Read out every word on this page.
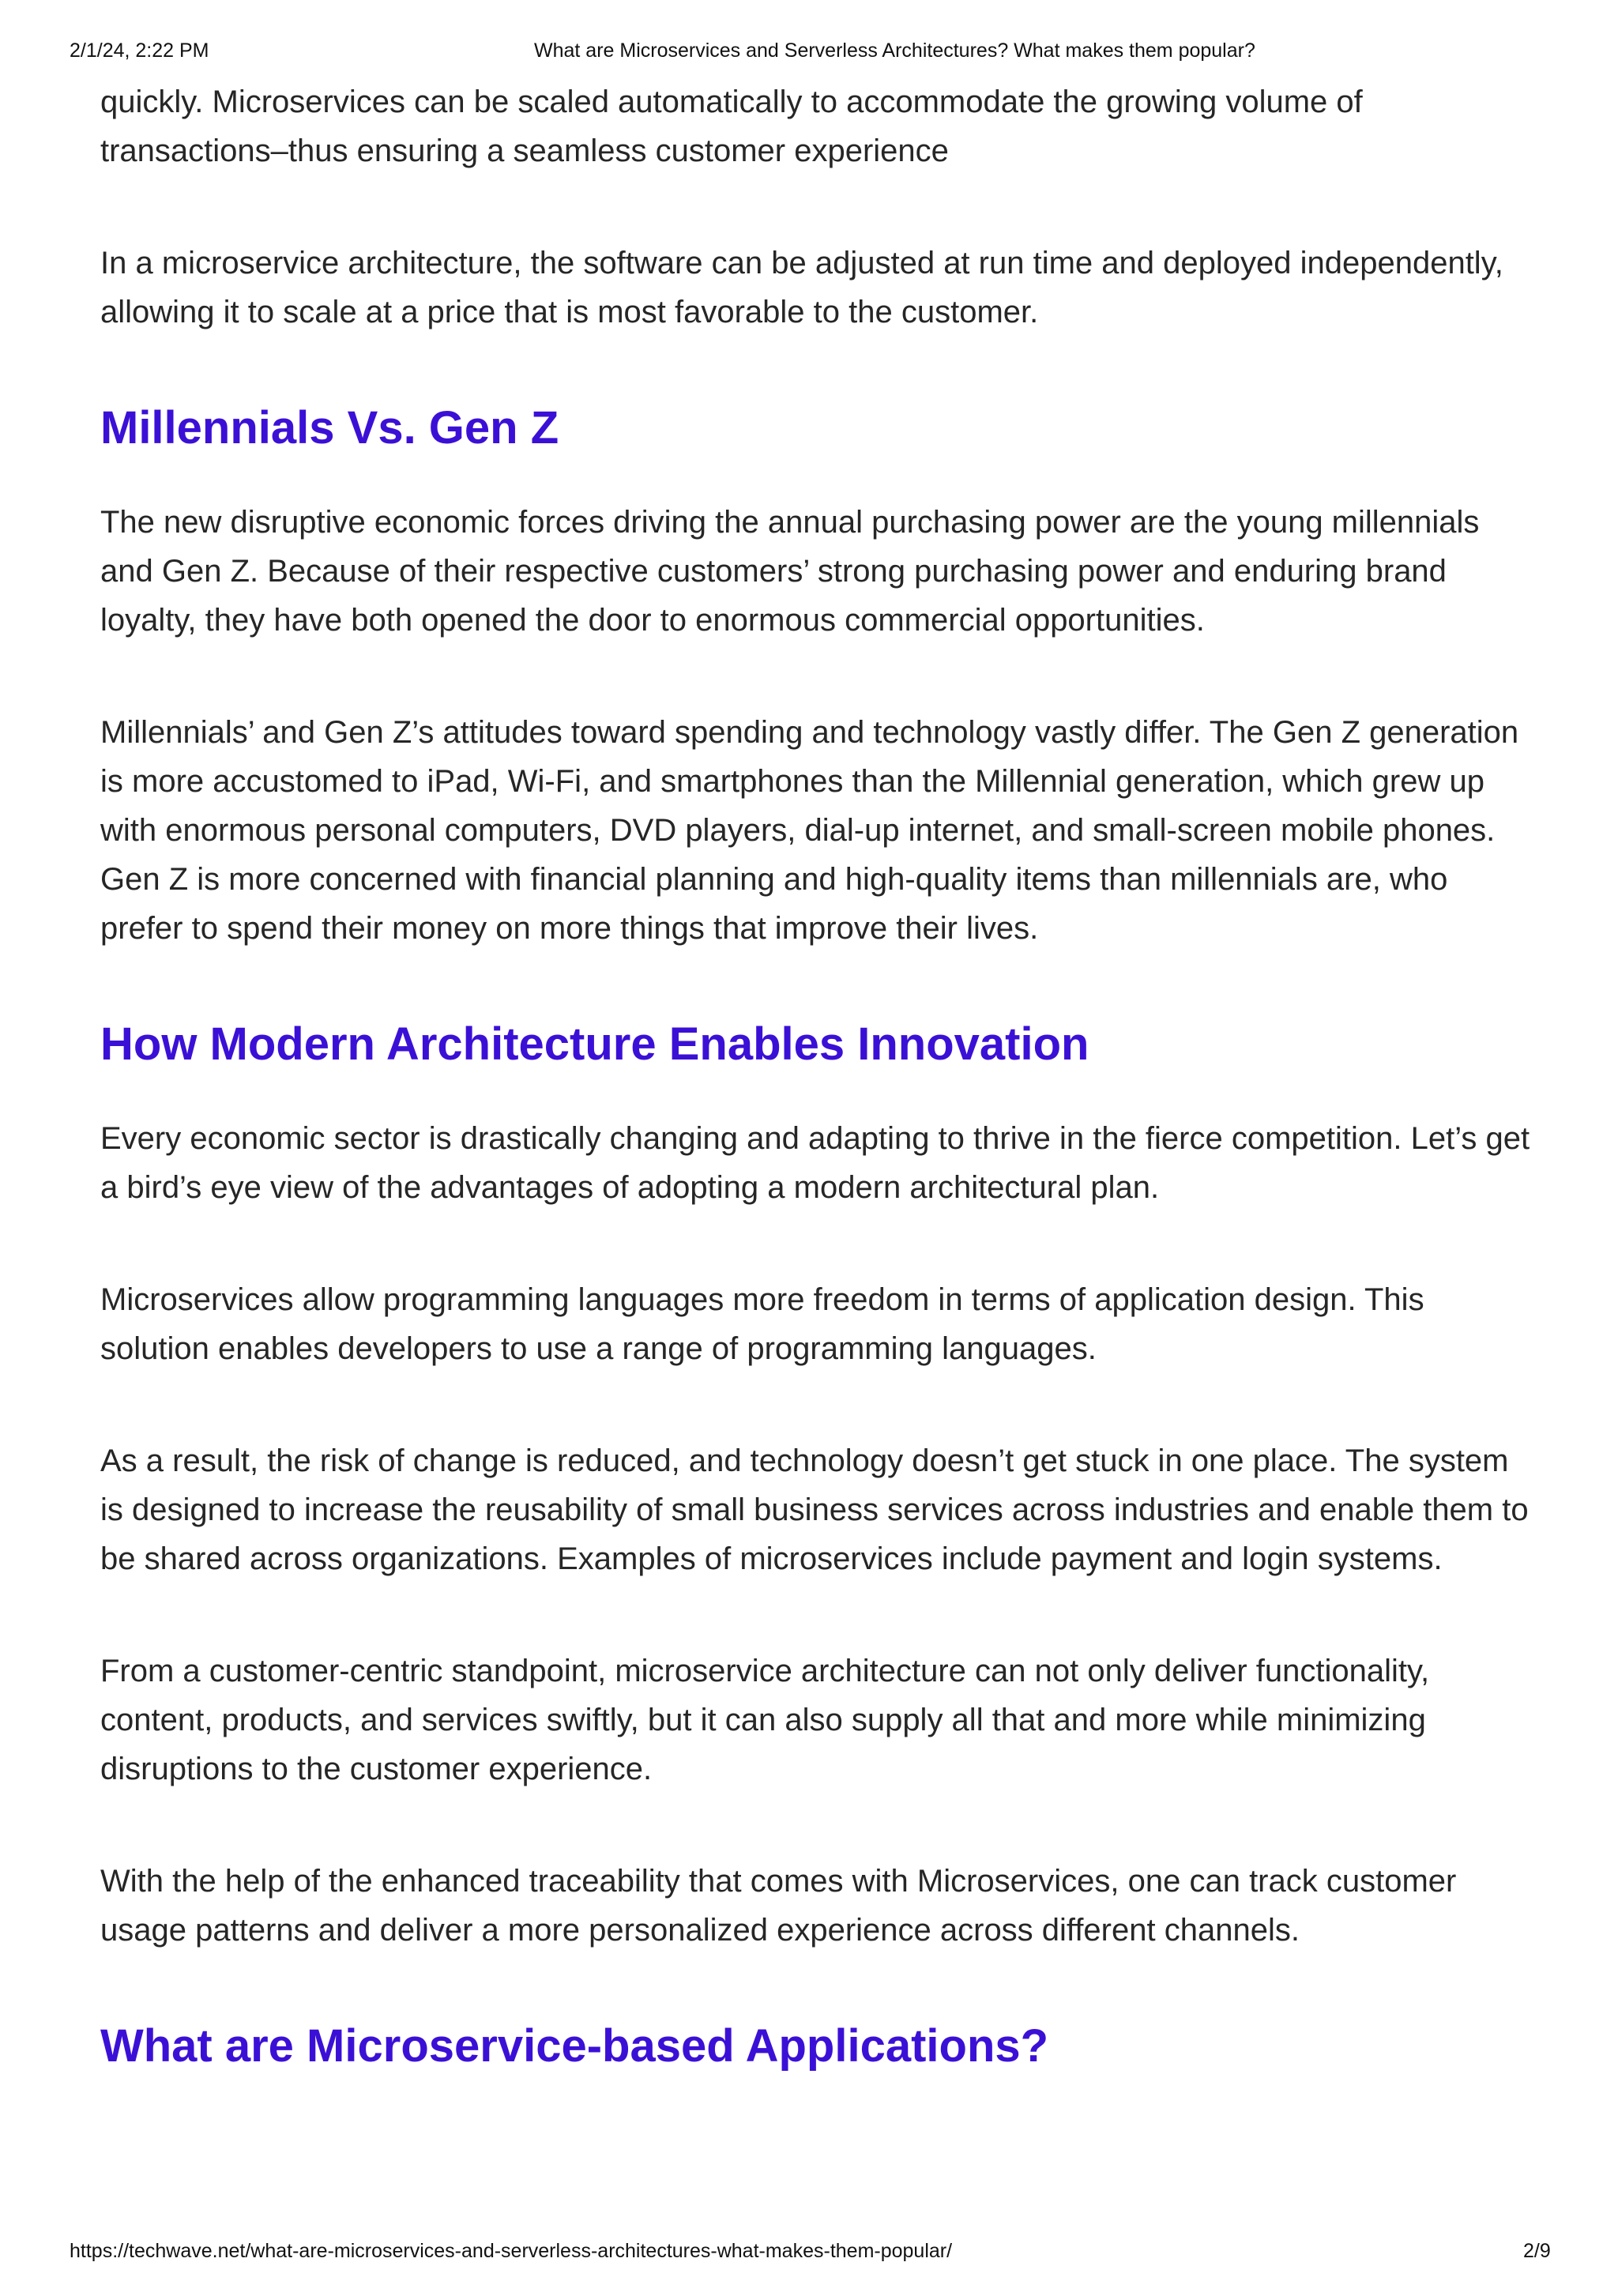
2/1/24, 2:22 PM	What are Microservices and Serverless Architectures? What makes them popular?

quickly. Microservices can be scaled automatically to accommodate the growing volume of transactions–thus ensuring a seamless customer experience

In a microservice architecture, the software can be adjusted at run time and deployed independently, allowing it to scale at a price that is most favorable to the customer.

Millennials Vs. Gen Z

The new disruptive economic forces driving the annual purchasing power are the young millennials and Gen Z. Because of their respective customers’ strong purchasing power and enduring brand loyalty, they have both opened the door to enormous commercial opportunities.

Millennials’ and Gen Z’s attitudes toward spending and technology vastly differ. The Gen Z generation is more accustomed to iPad, Wi-Fi, and smartphones than the Millennial generation, which grew up with enormous personal computers, DVD players, dial-up internet, and small-screen mobile phones. Gen Z is more concerned with financial planning and high-quality items than millennials are, who prefer to spend their money on more things that improve their lives.

How Modern Architecture Enables Innovation

Every economic sector is drastically changing and adapting to thrive in the fierce competition. Let’s get a bird’s eye view of the advantages of adopting a modern architectural plan.

Microservices allow programming languages more freedom in terms of application design. This solution enables developers to use a range of programming languages.

As a result, the risk of change is reduced, and technology doesn’t get stuck in one place. The system is designed to increase the reusability of small business services across industries and enable them to be shared across organizations. Examples of microservices include payment and login systems.

From a customer-centric standpoint, microservice architecture can not only deliver functionality, content, products, and services swiftly, but it can also supply all that and more while minimizing disruptions to the customer experience.

With the help of the enhanced traceability that comes with Microservices, one can track customer usage patterns and deliver a more personalized experience across different channels.

What are Microservice-based Applications?
https://techwave.net/what-are-microservices-and-serverless-architectures-what-makes-them-popular/	2/9
